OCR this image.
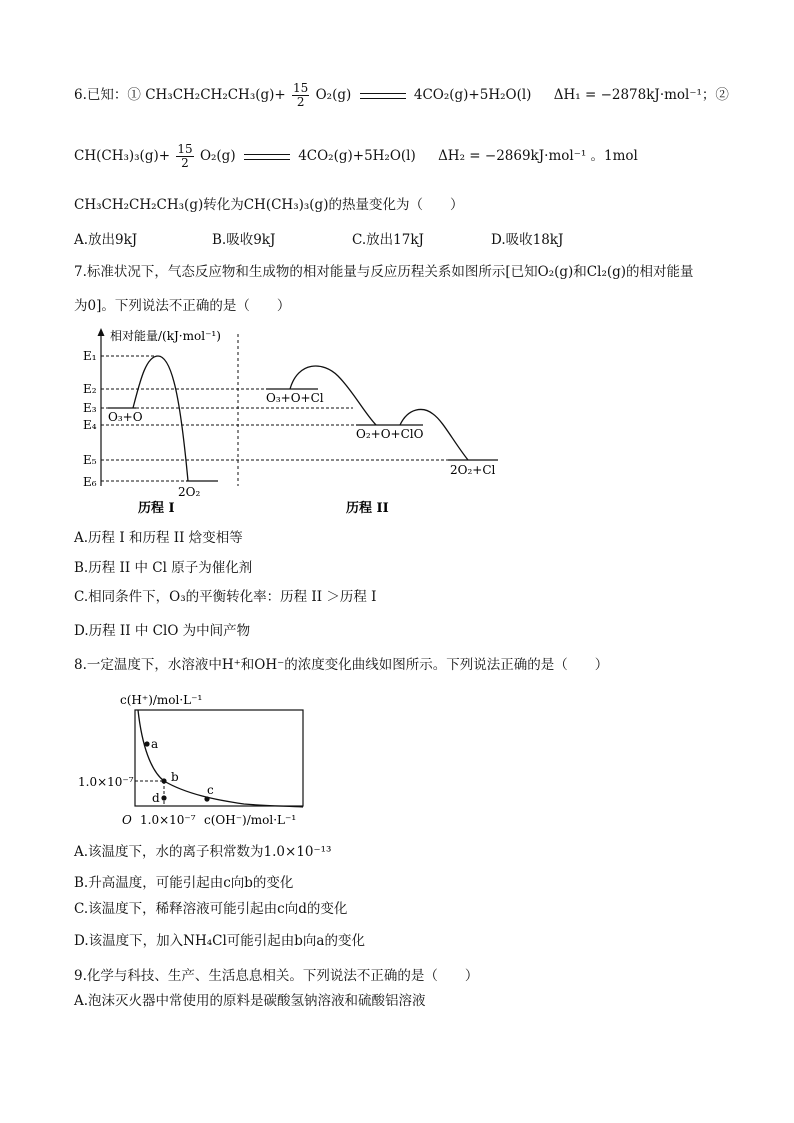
6.已知：① $CH_3CH_2CH_2CH_3(g)+ \frac{15}{2} O_2(g)$	4CO₂(g)+5H₂O(l) ΔH₁ = −2878kJ·mol⁻¹；②
$CH(CH_3)_3(g)+ \frac{15}{2} O_2(g)$	4CO₂(g)+5H₂O(l) ΔH₂ = −2869kJ·mol⁻¹ 。1mol
CH₃CH₂CH₂CH₃(g)转化为CH(CH₃)₃(g)的热量变化为（　　）
A.放出9kJ	B.吸收9kJ	C.放出17kJ	D.吸收18kJ
7.标准状况下，气态反应物和生成物的相对能量与反应历程关系如图所示[已知O₂(g)和Cl₂(g)的相对能量
为0]。下列说法不正确的是（　　）
相对能量/(kJ·mol⁻¹)
E₁
E₂
E₃
E₄
E₅
E₆
O₃+O
2O₂
O₃+O+Cl
O₂+O+ClO
2O₂+Cl
历程 I	历程 II
A.历程 I 和历程 II 焓变相等
B.历程 II 中 Cl 原子为催化剂
C.相同条件下，O₃的平衡转化率：历程 II ＞历程 I
D.历程 II 中 ClO 为中间产物
8.一定温度下，水溶液中H⁺和OH⁻的浓度变化曲线如图所示。下列说法正确的是（　　）
c(H⁺)/mol·L⁻¹
a
b
c
d
1.0×10⁻⁷
O 1.0×10⁻⁷ c(OH⁻)/mol·L⁻¹
A.该温度下，水的离子积常数为1.0×10⁻¹³
B.升高温度，可能引起由c向b的变化
C.该温度下，稀释溶液可能引起由c向d的变化
D.该温度下，加入NH₄Cl可能引起由b向a的变化
9.化学与科技、生产、生活息息相关。下列说法不正确的是（　　）
A.泡沫灭火器中常使用的原料是碳酸氢钠溶液和硫酸铝溶液
